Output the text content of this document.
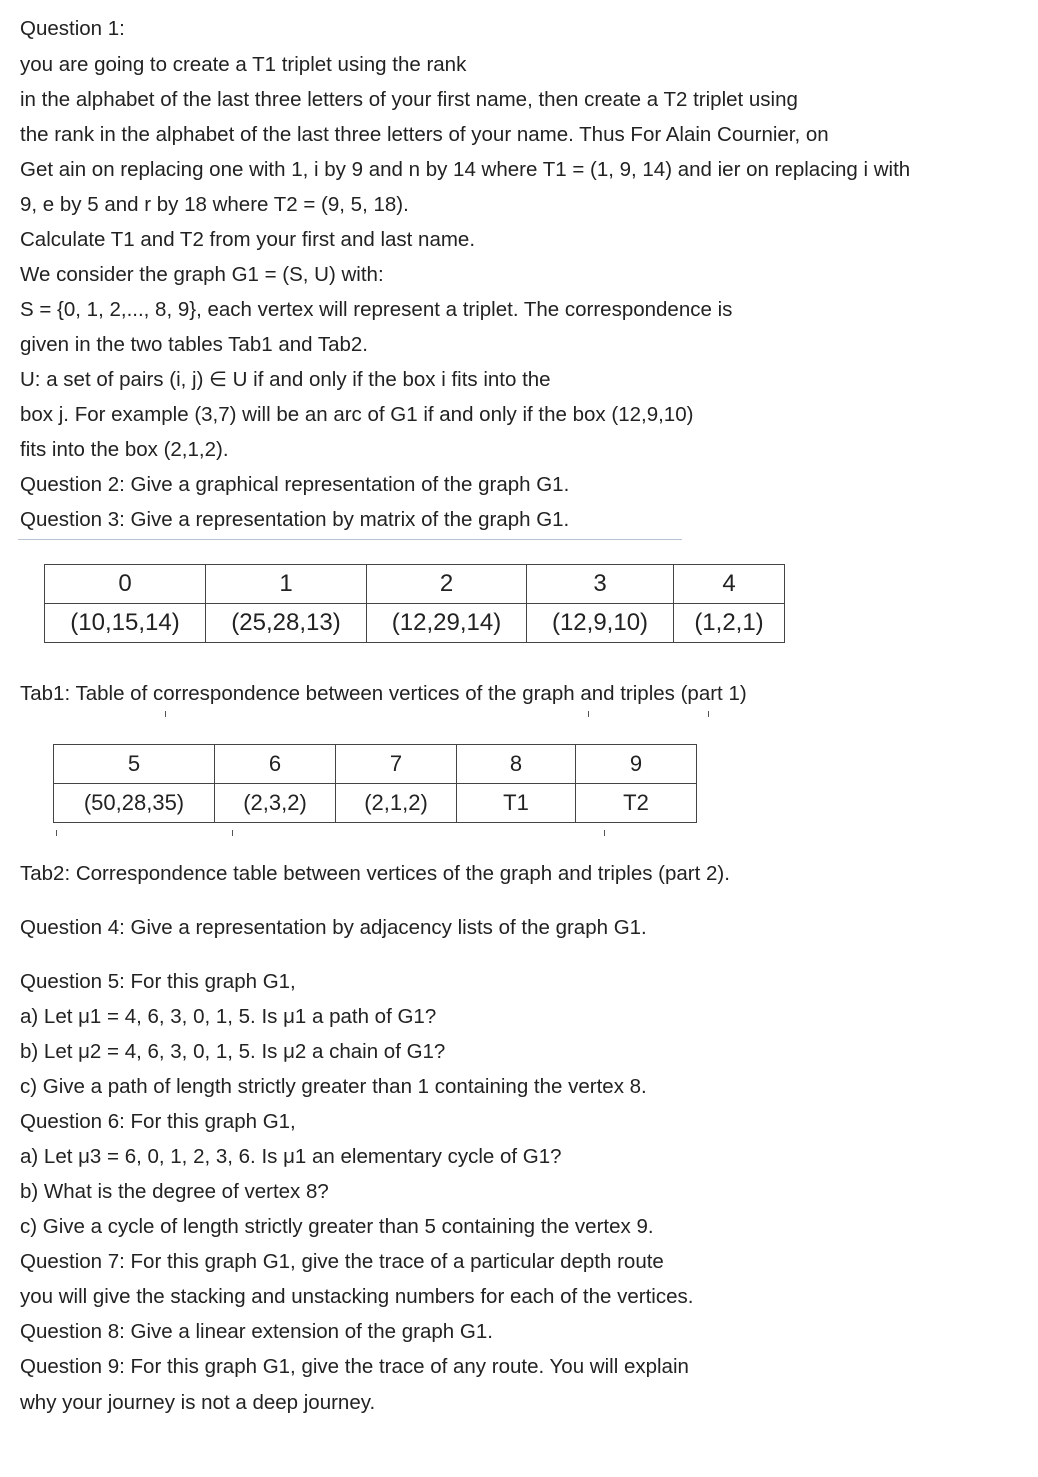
Question 1:
you are going to create a T1 triplet using the rank
in the alphabet of the last three letters of your first name, then create a T2 triplet using
the rank in the alphabet of the last three letters of your name. Thus For Alain Cournier, on
Get ain on replacing one with 1, i by 9 and n by 14 where T1 = (1, 9, 14) and ier on replacing i with
9, e by 5 and r by 18 where T2 = (9, 5, 18).
Calculate T1 and T2 from your first and last name.
We consider the graph G1 = (S, U) with:
S = {0, 1, 2,..., 8, 9}, each vertex will represent a triplet. The correspondence is
given in the two tables Tab1 and Tab2.
U: a set of pairs (i, j) ∈ U if and only if the box i fits into the
box j. For example (3,7) will be an arc of G1 if and only if the box (12,9,10)
fits into the box (2,1,2).
Question 2: Give a graphical representation of the graph G1.
Question 3: Give a representation by matrix of the graph G1.
0	1	2	3	4
(10,15,14)	(25,28,13)	(12,29,14)	(12,9,10)	(1,2,1)
Tab1: Table of correspondence between vertices of the graph and triples (part 1)
5	6	7	8	9
(50,28,35)	(2,3,2)	(2,1,2)	T1	T2
Tab2: Correspondence table between vertices of the graph and triples (part 2).
Question 4: Give a representation by adjacency lists of the graph G1.
Question 5: For this graph G1,
a) Let μ1 = 4, 6, 3, 0, 1, 5. Is μ1 a path of G1?
b) Let μ2 = 4, 6, 3, 0, 1, 5. Is μ2 a chain of G1?
c) Give a path of length strictly greater than 1 containing the vertex 8.
Question 6: For this graph G1,
a) Let μ3 = 6, 0, 1, 2, 3, 6. Is μ1 an elementary cycle of G1?
b) What is the degree of vertex 8?
c) Give a cycle of length strictly greater than 5 containing the vertex 9.
Question 7: For this graph G1, give the trace of a particular depth route
you will give the stacking and unstacking numbers for each of the vertices.
Question 8: Give a linear extension of the graph G1.
Question 9: For this graph G1, give the trace of any route. You will explain
why your journey is not a deep journey.
